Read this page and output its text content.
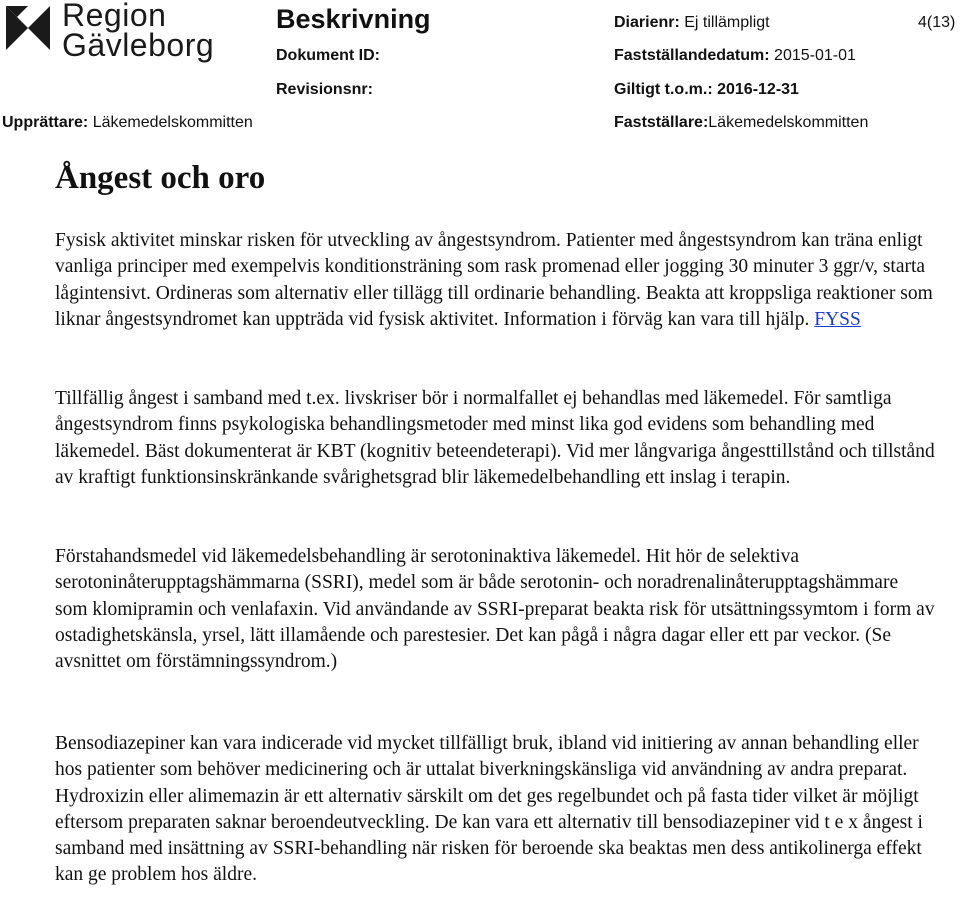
Region
Gävleborg
Beskrivning
Dokument ID:
Revisionsnr:
Diarienr: Ej tillämpligt	4(13)
Fastställandedatum: 2015-01-01
Giltigt t.o.m.: 2016-12-31
Upprättare: Läkemedelskommitten	Fastställare:Läkemedelskommitten
Ångest och oro

Fysisk aktivitet minskar risken för utveckling av ångestsyndrom. Patienter med ångestsyndrom kan träna enligt vanliga principer med exempelvis konditionsträning som rask promenad eller jogging 30 minuter 3 ggr/v, starta lågintensivt. Ordineras som alternativ eller tillägg till ordinarie behandling. Beakta att kroppsliga reaktioner som liknar ångestsyndromet kan uppträda vid fysisk aktivitet. Information i förväg kan vara till hjälp. FYSS

Tillfällig ångest i samband med t.ex. livskriser bör i normalfallet ej behandlas med läkemedel. För samtliga ångestsyndrom finns psykologiska behandlingsmetoder med minst lika god evidens som behandling med läkemedel. Bäst dokumenterat är KBT (kognitiv beteendeterapi). Vid mer långvariga ångesttillstånd och tillstånd av kraftigt funktionsinskränkande svårighetsgrad blir läkemedelbehandling ett inslag i terapin.

Förstahandsmedel vid läkemedelsbehandling är serotoninaktiva läkemedel. Hit hör de selektiva serotoninåterupptagshämmarna (SSRI), medel som är både serotonin- och noradrenalinåterupptagshämmare som klomipramin och venlafaxin. Vid användande av SSRI-preparat beakta risk för utsättningssymtom i form av ostadighetskänsla, yrsel, lätt illamående och parestesier. Det kan pågå i några dagar eller ett par veckor. (Se avsnittet om förstämningssyndrom.)

Bensodiazepiner kan vara indicerade vid mycket tillfälligt bruk, ibland vid initiering av annan behandling eller hos patienter som behöver medicinering och är uttalat biverkningskänsliga vid användning av andra preparat. Hydroxizin eller alimemazin är ett alternativ särskilt om det ges regelbundet och på fasta tider vilket är möjligt eftersom preparaten saknar beroendeutveckling. De kan vara ett alternativ till bensodiazepiner vid t e x ångest i samband med insättning av SSRI-behandling när risken för beroende ska beaktas men dess antikolinerga effekt kan ge problem hos äldre.
